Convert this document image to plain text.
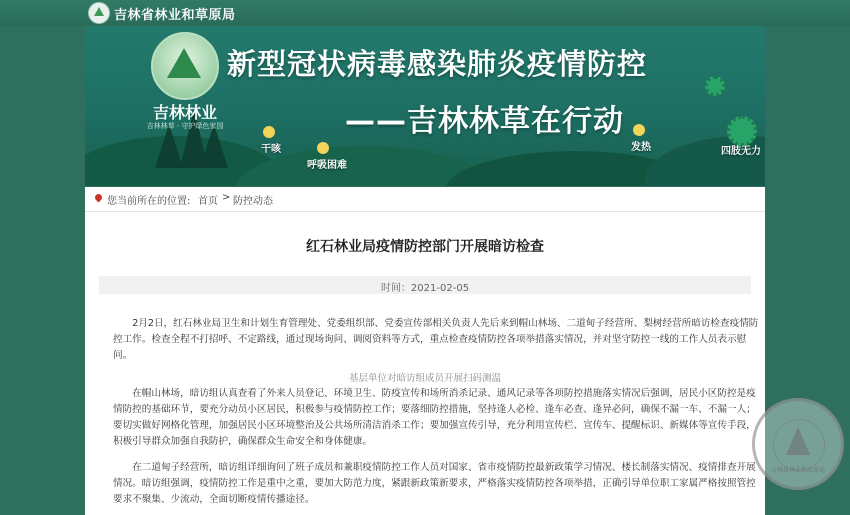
吉林省林业和草原局
吉林林业
吉林林草 · 守护绿色家园
新型冠状病毒感染肺炎疫情防控
——吉林林草在行动
干咳
呼吸困难
发热	四肢无力
您当前所在的位置: 首页 > 防控动态
红石林业局疫情防控部门开展暗访检查
时间：2021-02-05

2月2日，红石林业局卫生和计划生育管理处、党委组织部、党委宣传部相关负责人先后来到帽山林场、二道甸子经营所、梨树经营所暗访检查疫情防控工作。检查全程不打招呼、不定路线，通过现场询问、调阅资料等方式，重点检查疫情防控各项举措落实情况，并对坚守防控一线的工作人员表示慰问。

基层单位对暗访组成员开展扫码测温

在帽山林场，暗访组认真查看了外来人员登记、环境卫生、防疫宣传和场所消杀记录、通风记录等各项防控措施落实情况后强调，居民小区防控是疫情防控的基础环节，要充分动员小区居民，积极参与疫情防控工作；要落细防控措施，坚持逢人必检、逢车必查、逢异必问，确保不漏一车、不漏一人；要切实做好网格化管理，加强居民小区环境整治及公共场所清洁消杀工作；要加强宣传引导，充分利用宣传栏、宣传车、提醒标识、新媒体等宣传手段，积极引导群众加强自我防护，确保群众生命安全和身体健康。

在二道甸子经营所，暗访组详细询问了班子成员和兼职疫情防控工作人员对国家、省市疫情防控最新政策学习情况、楼长制落实情况、疫情排查开展情况。暗访组强调，疫情防控工作是重中之重，要加大防范力度，紧跟新政策新要求，严格落实疫情防控各项举措，正确引导单位职工家属严格按照管控要求不聚集、少流动，全面切断疫情传播途径。

吉林省林业和草原局
